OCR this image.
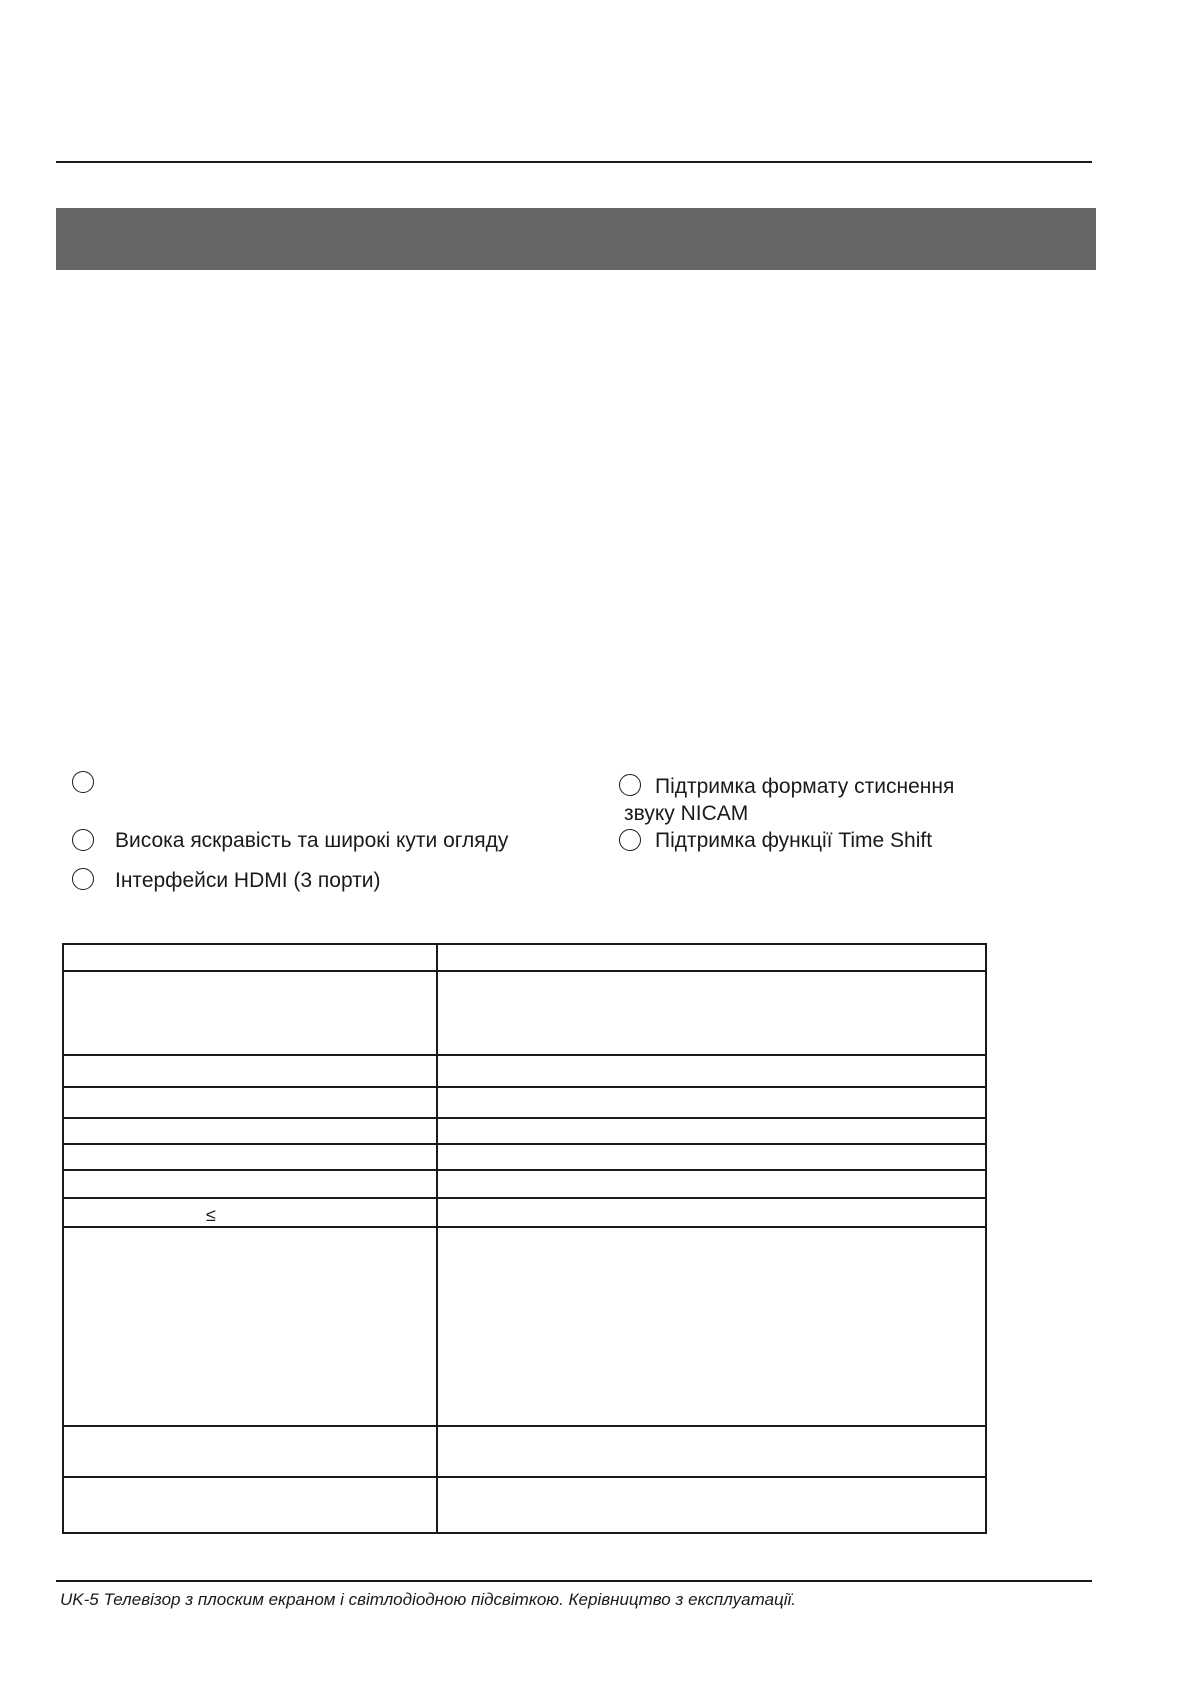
Висока яскравість та широкі кути огляду
Інтерфейси HDMI (3 порти)
Підтримка формату стиснення
звуку NICAM
Підтримка функції Time Shift

≤	

UK-5 Телевізор з плоским екраном і світлодіодною підсвіткою. Керівництво з експлуатації.
